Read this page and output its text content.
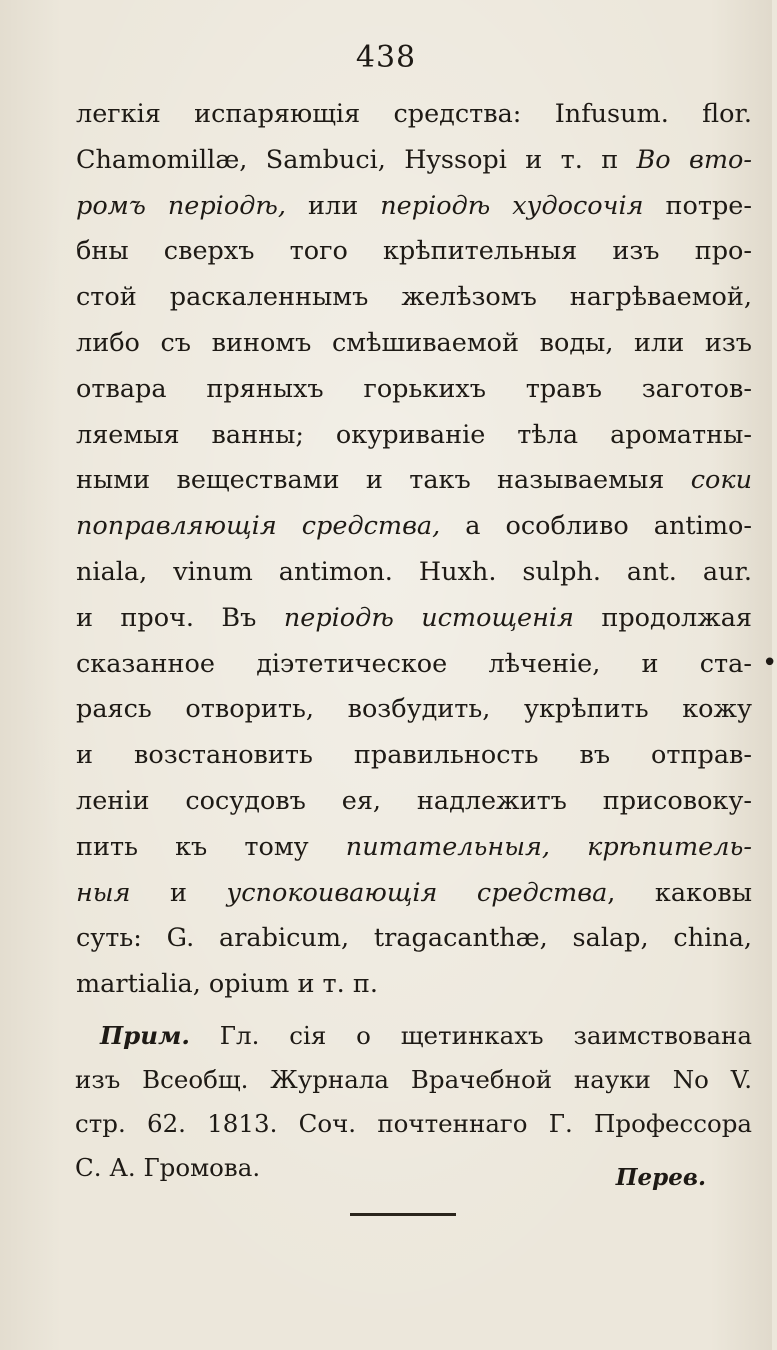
438
легкія испаряющія средства: Infusum. flor.
Chamomillæ, Sambuci, Hyssopi и т. п Во вто-
ромъ періодѣ, или періодѣ худосочія потре-
бны сверхъ того крѣпительныя изъ про-
стой раскаленнымъ желѣзомъ нагрѣваемой,
либо съ виномъ смѣшиваемой воды, или изъ
отвара пряныхъ горькихъ травъ заготов-
ляемыя ванны; окуриваніе тѣла ароматны-
ными веществами и такъ называемыя соки
поправляющія средства, а особливо antimo-
niala, vinum antimon. Huxh. sulph. ant. aur.
и проч. Въ періодѣ истощенія продолжая
сказанное діэтетическое лѣченіе, и ста-
раясь отворить, возбудить, укрѣпить кожу
и возстановить правильность въ отправ-
леніи сосудовъ ея, надлежитъ присовоку-
пить къ тому питательныя, крѣпитель-
ныя и успокоивающія средства, каковы
суть: G. arabicum, tragacanthæ, salap, china,
martialia, opium и т. п.
Прим. Гл. сія о щетинкахъ заимствована
изъ Всеобщ. Журнала Врачебной науки No V.
стр. 62. 1813. Соч. почтеннаго Г. Профессора
С. А. Громова.	Перев.
•
